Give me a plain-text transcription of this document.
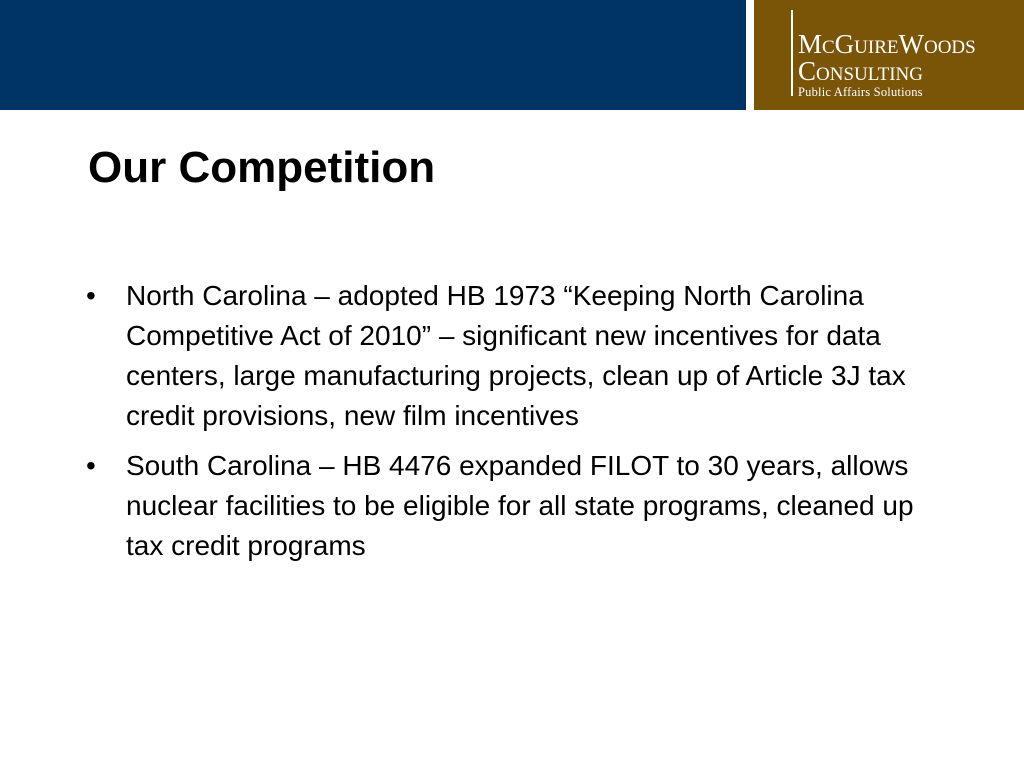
McGuireWoods
Consulting
Public Affairs Solutions
Our Competition
•	North Carolina – adopted HB 1973 “Keeping North Carolina Competitive Act of 2010” – significant new incentives for data centers, large manufacturing projects, clean up of Article 3J tax credit provisions, new film incentives
•	South Carolina – HB 4476 expanded FILOT to 30 years, allows nuclear facilities to be eligible for all state programs, cleaned up tax credit programs
